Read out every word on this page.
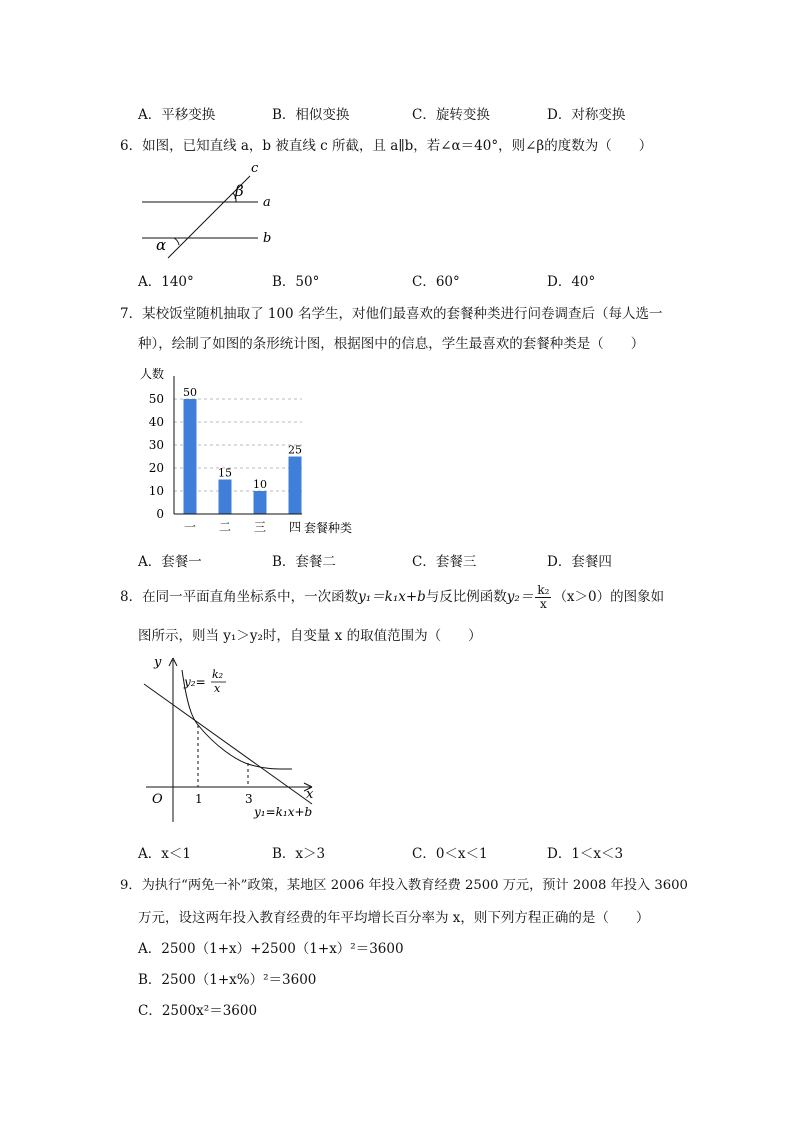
A．平移变换	B．相似变换	C．旋转变换	D．对称变换
6．如图，已知直线 a，b 被直线 c 所截，且 a∥b，若∠α＝40°，则∠β的度数为（　　）
c
a
b
β
α
A．140°	B．50°	C．60°	D．40°
7．某校饭堂随机抽取了 100 名学生，对他们最喜欢的套餐种类进行问卷调查后（每人选一
种），绘制了如图的条形统计图，根据图中的信息，学生最喜欢的套餐种类是（　　）
0
10
20
30
40
50 50
一
15
二
10
三
25
四
人数
套餐种类
A．套餐一	B．套餐二	C．套餐三	D．套餐四
8．在同一平面直角坐标系中，一次函数y₁＝k₁x+b与反比例函数$y_2= \frac{\text{k₂}}{x} (x>0)$的图象如
图所示，则当 y₁＞y₂时，自变量 x 的取值范围为（　　）
y
x
O	1	3
y₂=
k₂
x
y₁=k₁x+b
A．x＜1	B．x＞3	C．0＜x＜1	D．1＜x＜3
9．为执行“两免一补”政策，某地区 2006 年投入教育经费 2500 万元，预计 2008 年投入 3600
万元，设这两年投入教育经费的年平均增长百分率为 x，则下列方程正确的是（　　）
A．2500（1+x）+2500（1+x）²＝3600
B．2500（1+x%）²＝3600
C．2500x²＝3600
